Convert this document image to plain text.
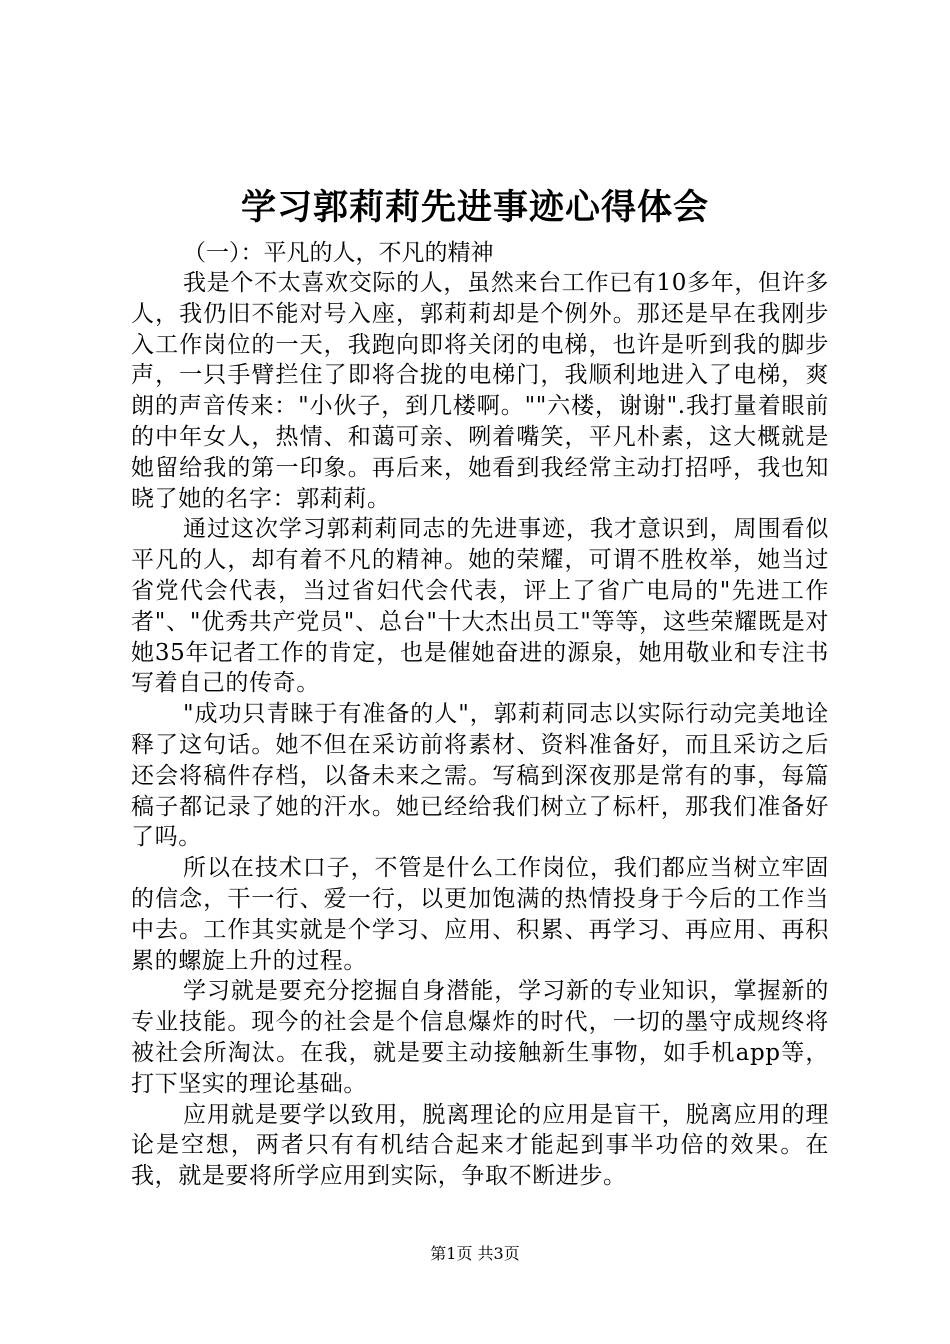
学习郭莉莉先进事迹心得体会

（一）：平凡的人，不凡的精神

我是个不太喜欢交际的人，虽然来台工作已有10多年，但许多人，我仍旧不能对号入座，郭莉莉却是个例外。那还是早在我刚步入工作岗位的一天，我跑向即将关闭的电梯，也许是听到我的脚步声，一只手臂拦住了即将合拢的电梯门，我顺利地进入了电梯，爽朗的声音传来："小伙子，到几楼啊。""六楼，谢谢".我打量着眼前的中年女人，热情、和蔼可亲、咧着嘴笑，平凡朴素，这大概就是她留给我的第一印象。再后来，她看到我经常主动打招呼，我也知晓了她的名字：郭莉莉。

通过这次学习郭莉莉同志的先进事迹，我才意识到，周围看似平凡的人，却有着不凡的精神。她的荣耀，可谓不胜枚举，她当过省党代会代表，当过省妇代会代表，评上了省广电局的"先进工作者"、"优秀共产党员"、总台"十大杰出员工"等等，这些荣耀既是对她35年记者工作的肯定，也是催她奋进的源泉，她用敬业和专注书写着自己的传奇。

"成功只青睐于有准备的人"，郭莉莉同志以实际行动完美地诠释了这句话。她不但在采访前将素材、资料准备好，而且采访之后还会将稿件存档，以备未来之需。写稿到深夜那是常有的事，每篇稿子都记录了她的汗水。她已经给我们树立了标杆，那我们准备好了吗。

所以在技术口子，不管是什么工作岗位，我们都应当树立牢固的信念，干一行、爱一行，以更加饱满的热情投身于今后的工作当中去。工作其实就是个学习、应用、积累、再学习、再应用、再积累的螺旋上升的过程。

学习就是要充分挖掘自身潜能，学习新的专业知识，掌握新的专业技能。现今的社会是个信息爆炸的时代，一切的墨守成规终将被社会所淘汰。在我，就是要主动接触新生事物，如手机app等，打下坚实的理论基础。

应用就是要学以致用，脱离理论的应用是盲干，脱离应用的理论是空想，两者只有有机结合起来才能起到事半功倍的效果。在我，就是要将所学应用到实际，争取不断进步。

第1页 共3页
